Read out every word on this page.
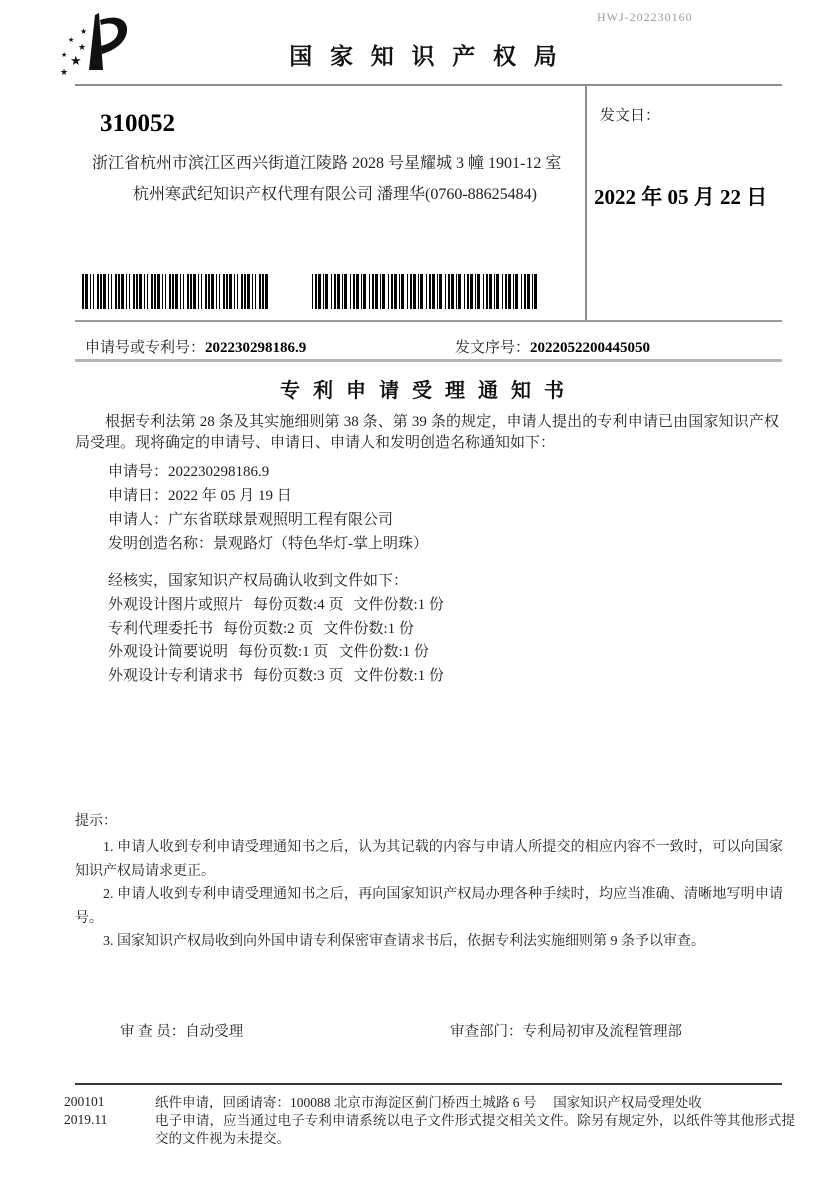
★
★
★
★ ★
★
HWJ-202230160
国 家 知 识 产 权 局
310052
浙江省杭州市滨江区西兴街道江陵路 2028 号星耀城 3 幢 1901-12 室
杭州寒武纪知识产权代理有限公司 潘理华(0760-88625484)
发文日：
2022 年 05 月 22 日
申请号或专利号：202230298186.9	发文序号：2022052200445050
专 利 申 请 受 理 通 知 书
根据专利法第 28 条及其实施细则第 38 条、第 39 条的规定，申请人提出的专利申请已由国家知识产权局受理。现将确定的申请号、申请日、申请人和发明创造名称通知如下：
申请号：202230298186.9
申请日：2022 年 05 月 19 日
申请人：广东省联球景观照明工程有限公司
发明创造名称：景观路灯（特色华灯-掌上明珠）
经核实，国家知识产权局确认收到文件如下：
外观设计图片或照片 每份页数:4 页 文件份数:1 份
专利代理委托书 每份页数:2 页 文件份数:1 份
外观设计简要说明 每份页数:1 页 文件份数:1 份
外观设计专利请求书 每份页数:3 页 文件份数:1 份
提示：

1. 申请人收到专利申请受理通知书之后，认为其记载的内容与申请人所提交的相应内容不一致时，可以向国家知识产权局请求更正。

2. 申请人收到专利申请受理通知书之后，再向国家知识产权局办理各种手续时，均应当准确、清晰地写明申请号。

3. 国家知识产权局收到向外国申请专利保密审查请求书后，依据专利法实施细则第 9 条予以审查。

审 查 员：自动受理	审查部门：专利局初审及流程管理部
200101	纸件申请，回函请寄：100088 北京市海淀区蓟门桥西土城路 6 号　 国家知识产权局受理处收
2019.11	电子申请，应当通过电子专利申请系统以电子文件形式提交相关文件。除另有规定外，以纸件等其他形式提交的文件视为未提交。
